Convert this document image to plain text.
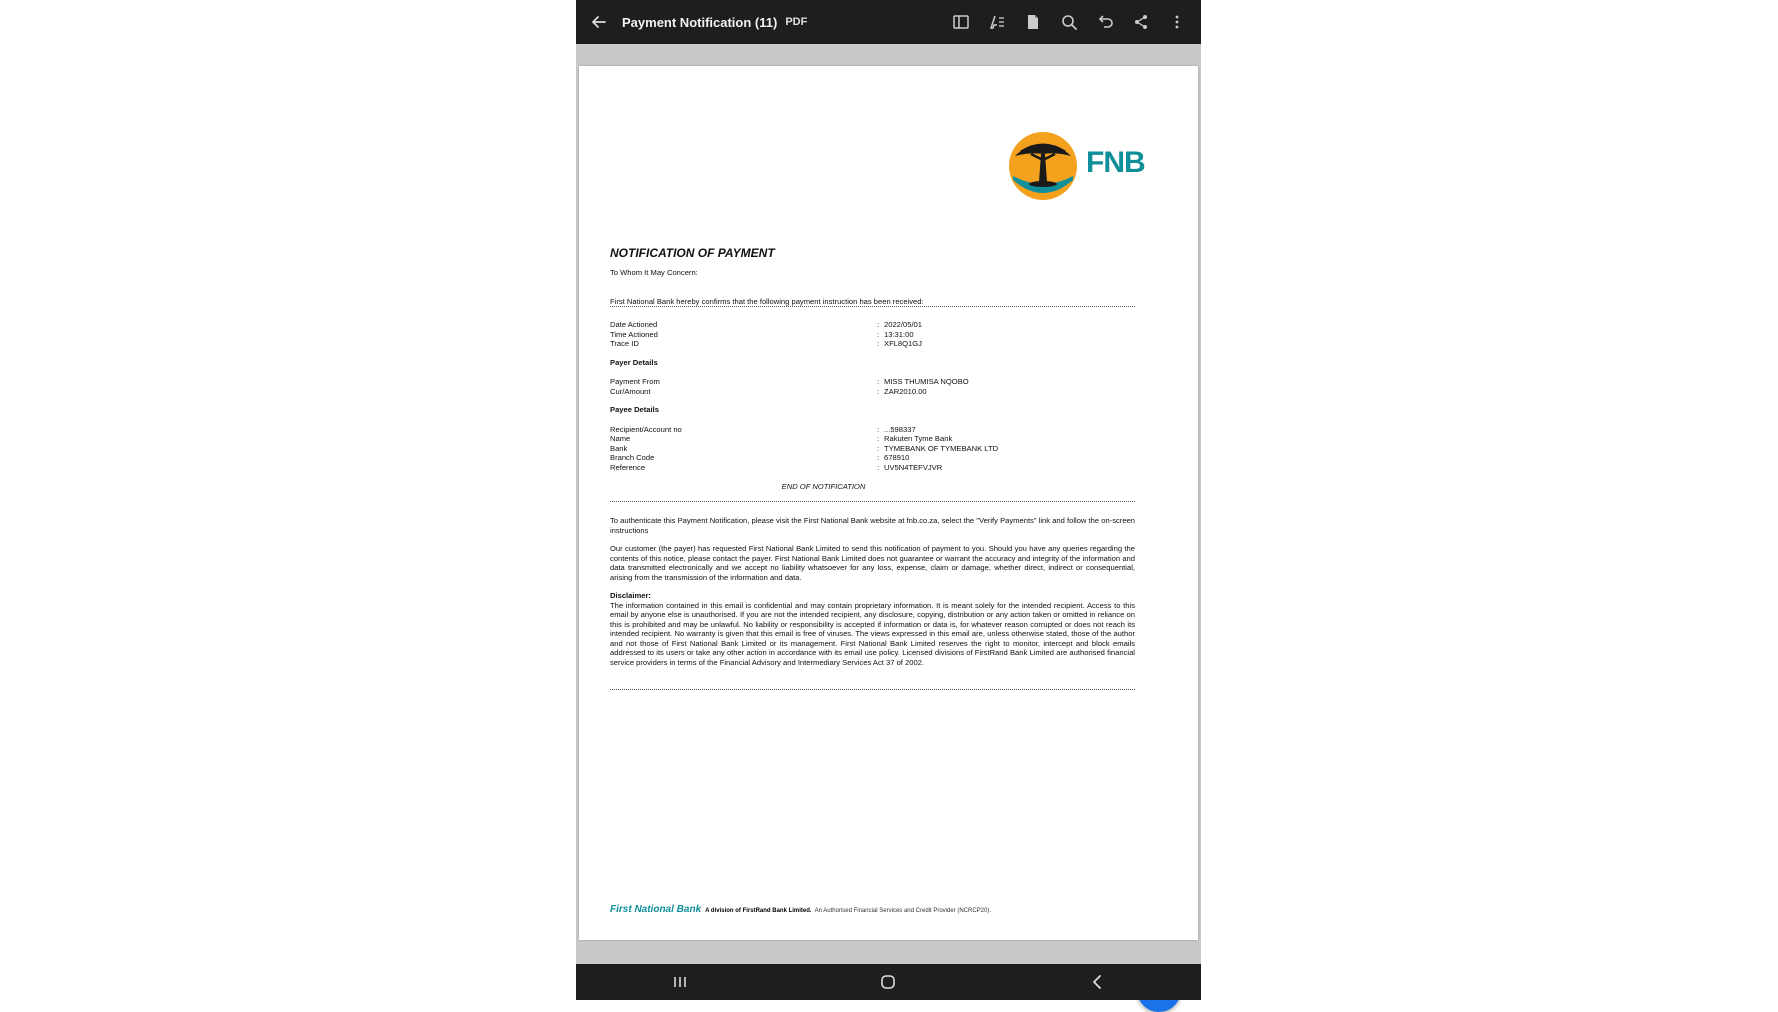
Payment Notification (11) PDF
FNB
NOTIFICATION OF PAYMENT
To Whom It May Concern:
First National Bank hereby confirms that the following payment instruction has been received:
Date Actioned	: 2022/05/01
Time Actioned	: 13:31:00
Trace ID	: XFL8Q1GJ
Payer Details
Payment From	: MISS THUMISA NQOBO
Cur/Amount	: ZAR2010.00
Payee Details
Recipient/Account no	: ...598337
Name	: Rakuten Tyme Bank
Bank	: TYMEBANK OF TYMEBANK LTD
Branch Code	: 678910
Reference	: UV5N4TEFVJVR
END OF NOTIFICATION
To authenticate this Payment Notification, please visit the First National Bank website at fnb.co.za, select the "Verify Payments" link and follow the on-screen instructions
Our customer (the payer) has requested First National Bank Limited to send this notification of payment to you. Should you have any queries regarding the contents of this notice, please contact the payer. First National Bank Limited does not guarantee or warrant the accuracy and integrity of the information and data transmitted electronically and we accept no liability whatsoever for any loss, expense, claim or damage, whether direct, indirect or consequential, arising from the transmission of the information and data.
Disclaimer:
The information contained in this email is confidential and may contain proprietary information. It is meant solely for the intended recipient. Access to this email by anyone else is unauthorised. If you are not the intended recipient, any disclosure, copying, distribution or any action taken or omitted in reliance on this is prohibited and may be unlawful. No liability or responsibility is accepted if information or data is, for whatever reason corrupted or does not reach its intended recipient. No warranty is given that this email is free of viruses. The views expressed in this email are, unless otherwise stated, those of the author and not those of First National Bank Limited or its management. First National Bank Limited reserves the right to monitor, intercept and block emails addressed to its users or take any other action in accordance with its email use policy. Licensed divisions of FirstRand Bank Limited are authorised financial service providers in terms of the Financial Advisory and Intermediary Services Act 37 of 2002.
First National Bank A division of FirstRand Bank Limited. An Authorised Financial Services and Credit Provider (NCRCP20).
